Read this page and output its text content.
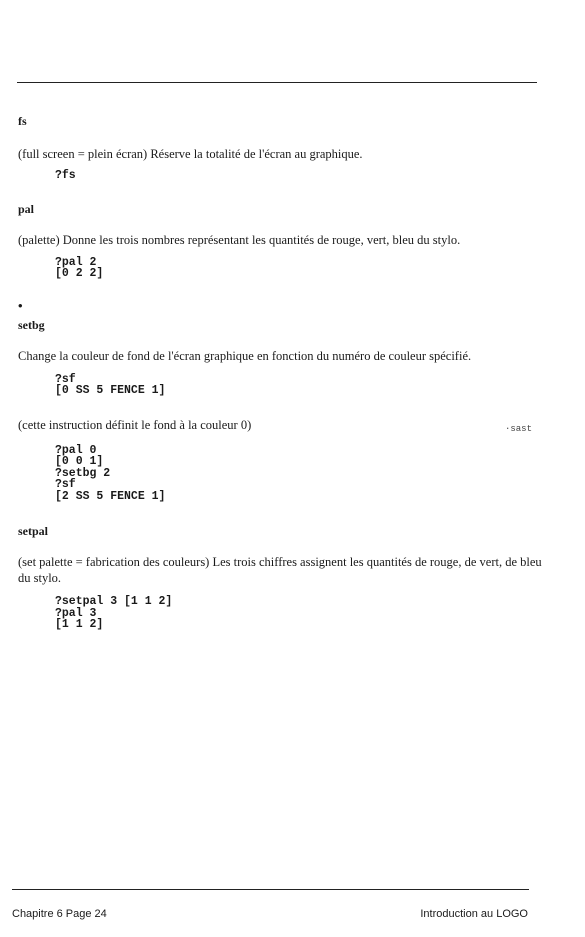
fs

(full screen = plein écran) Réserve la totalité de l'écran au graphique.

?fs

pal

(palette) Donne les trois nombres représentant les quantités de rouge, vert, bleu du stylo.

?pal 2
[0 2 2]

•

setbg

Change la couleur de fond de l'écran graphique en fonction du numéro de couleur spécifié.

?sf
[0 SS 5 FENCE 1]

(cette instruction définit le fond à la couleur 0)

?pal 0
[0 0 1]
?setbg 2
?sf
[2 SS 5 FENCE 1]

setpal

(set palette = fabrication des couleurs) Les trois chiffres assignent les quantités de rouge, de vert, de bleu du stylo.

?setpal 3 [1 1 2]
?pal 3
[1 1 2]
·sast
Chapitre 6 Page 24	Introduction au LOGO
